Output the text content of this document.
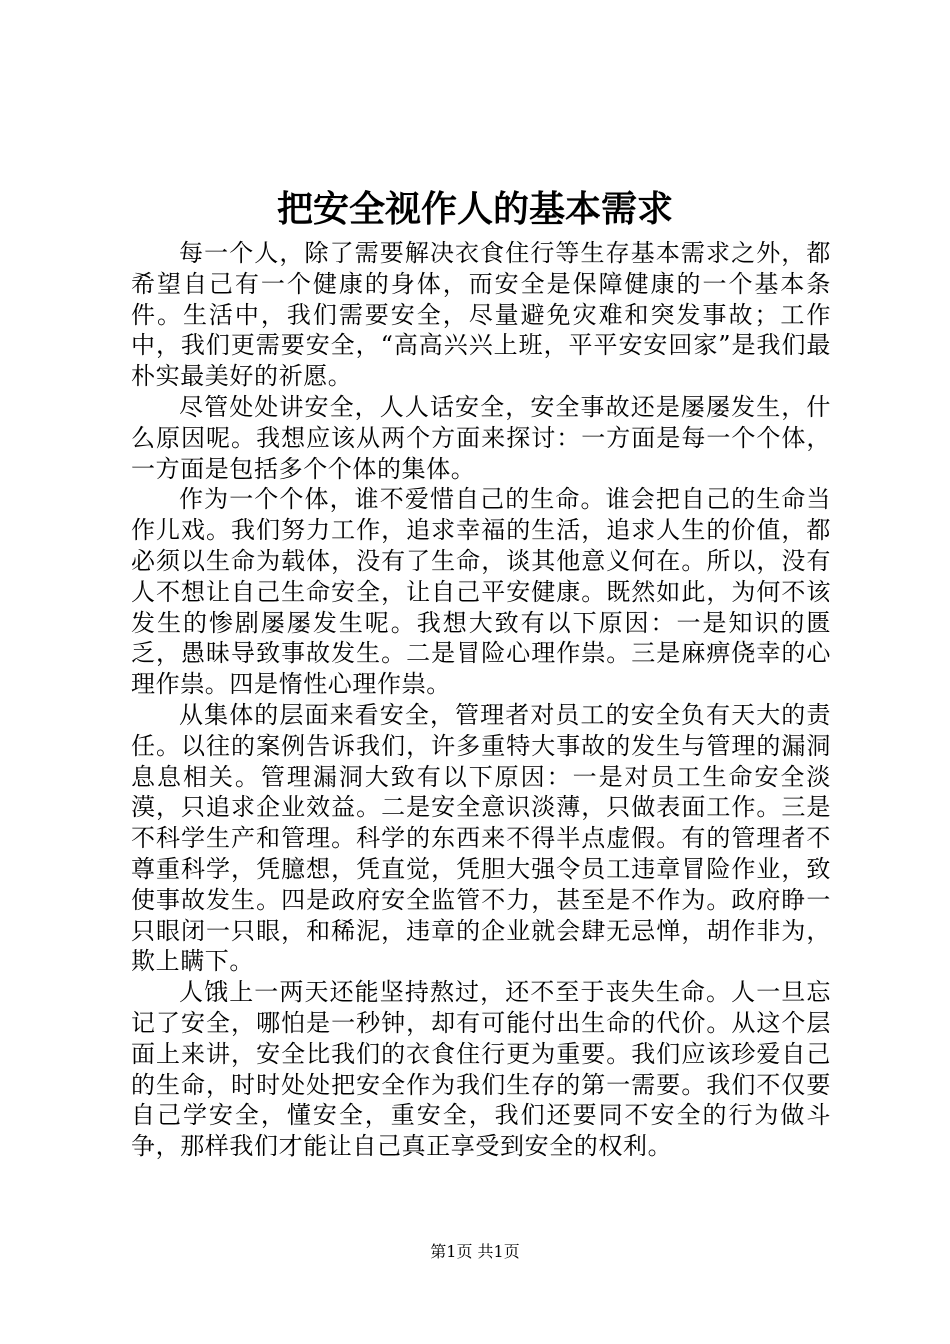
把安全视作人的基本需求

每一个人，除了需要解决衣食住行等生存基本需求之外，都希望自己有一个健康的身体，而安全是保障健康的一个基本条件。生活中，我们需要安全，尽量避免灾难和突发事故；工作中，我们更需要安全，“高高兴兴上班，平平安安回家”是我们最朴实最美好的祈愿。

尽管处处讲安全，人人话安全，安全事故还是屡屡发生，什么原因呢。我想应该从两个方面来探讨：一方面是每一个个体，一方面是包括多个个体的集体。

作为一个个体，谁不爱惜自己的生命。谁会把自己的生命当作儿戏。我们努力工作，追求幸福的生活，追求人生的价值，都必须以生命为载体，没有了生命，谈其他意义何在。所以，没有人不想让自己生命安全，让自己平安健康。既然如此，为何不该发生的惨剧屡屡发生呢。我想大致有以下原因：一是知识的匮乏，愚昧导致事故发生。二是冒险心理作祟。三是麻痹侥幸的心理作祟。四是惰性心理作祟。

从集体的层面来看安全，管理者对员工的安全负有天大的责任。以往的案例告诉我们，许多重特大事故的发生与管理的漏洞息息相关。管理漏洞大致有以下原因：一是对员工生命安全淡漠，只追求企业效益。二是安全意识淡薄，只做表面工作。三是不科学生产和管理。科学的东西来不得半点虚假。有的管理者不尊重科学，凭臆想，凭直觉，凭胆大强令员工违章冒险作业，致使事故发生。四是政府安全监管不力，甚至是不作为。政府睁一只眼闭一只眼，和稀泥，违章的企业就会肆无忌惮，胡作非为，欺上瞒下。

人饿上一两天还能坚持熬过，还不至于丧失生命。人一旦忘记了安全，哪怕是一秒钟，却有可能付出生命的代价。从这个层面上来讲，安全比我们的衣食住行更为重要。我们应该珍爱自己的生命，时时处处把安全作为我们生存的第一需要。我们不仅要自己学安全，懂安全，重安全，我们还要同不安全的行为做斗争，那样我们才能让自己真正享受到安全的权利。

第1页 共1页
